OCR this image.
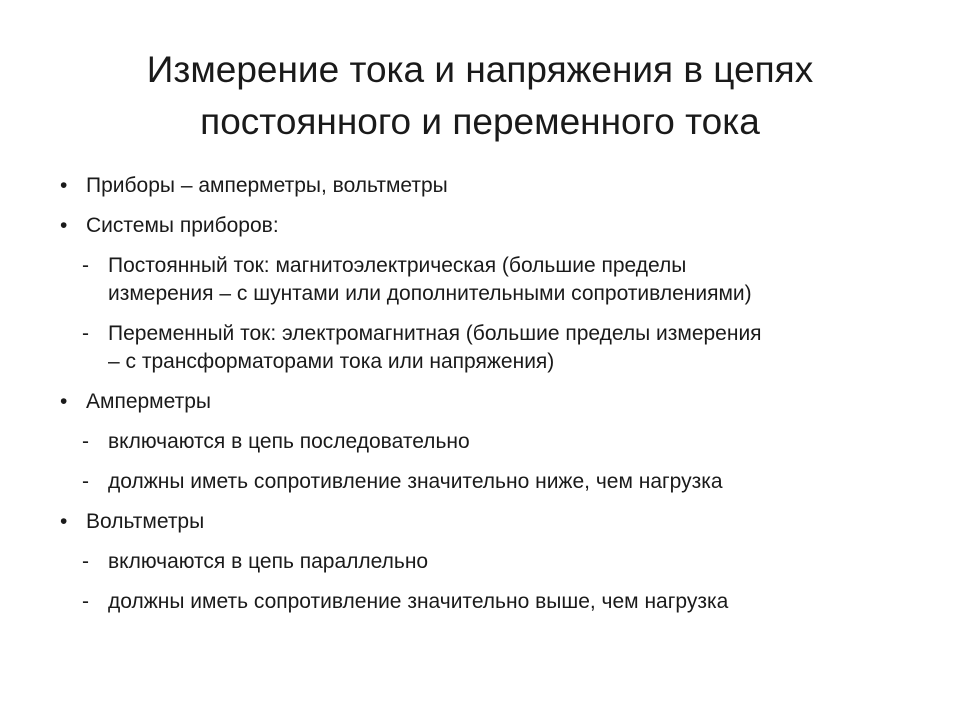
Измерение тока и напряжения в цепях
постоянного и переменного тока
• Приборы – амперметры, вольтметры
• Системы приборов:
- Постоянный ток: магнитоэлектрическая (большие пределы
измерения – с шунтами или дополнительными сопротивлениями)
- Переменный ток: электромагнитная (большие пределы измерения
– с трансформаторами тока или напряжения)
• Амперметры
- включаются в цепь последовательно
- должны иметь сопротивление значительно ниже, чем нагрузка
• Вольтметры
- включаются в цепь параллельно
- должны иметь сопротивление значительно выше, чем нагрузка
